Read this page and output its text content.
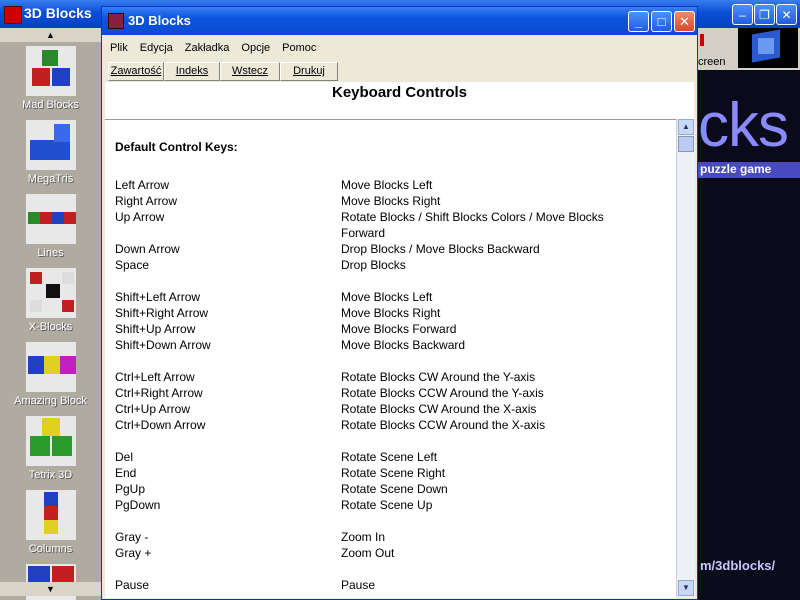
3D Blocks	–	❐ ✕
▲
Mad Blocks
MegaTris
Lines
X-Blocks
Amazing Block
Tetrix 3D
Columns
▼
creen
cks
puzzle game
m/3dblocks/
3D Blocks	_	□	✕
Plik Edycja Zakładka Opcje Pomoc
Zawartość	Indeks	Wstecz	Drukuj
Keyboard Controls
Default Control Keys:
Left Arrow	Move Blocks Left
Right Arrow	Move Blocks Right
Up Arrow	Rotate Blocks / Shift Blocks Colors / Move Blocks
Forward
Down Arrow	Drop Blocks / Move Blocks Backward
Space	Drop Blocks
Shift+Left Arrow	Move Blocks Left
Shift+Right Arrow	Move Blocks Right
Shift+Up Arrow	Move Blocks Forward
Shift+Down Arrow	Move Blocks Backward
Ctrl+Left Arrow	Rotate Blocks CW Around the Y-axis
Ctrl+Right Arrow	Rotate Blocks CCW Around the Y-axis
Ctrl+Up Arrow	Rotate Blocks CW Around the X-axis
Ctrl+Down Arrow	Rotate Blocks CCW Around the X-axis
Del	Rotate Scene Left
End	Rotate Scene Right
PgUp	Rotate Scene Down
PgDown	Rotate Scene Up
Gray -	Zoom In
Gray +	Zoom Out
Pause	Pause
▲
▼
